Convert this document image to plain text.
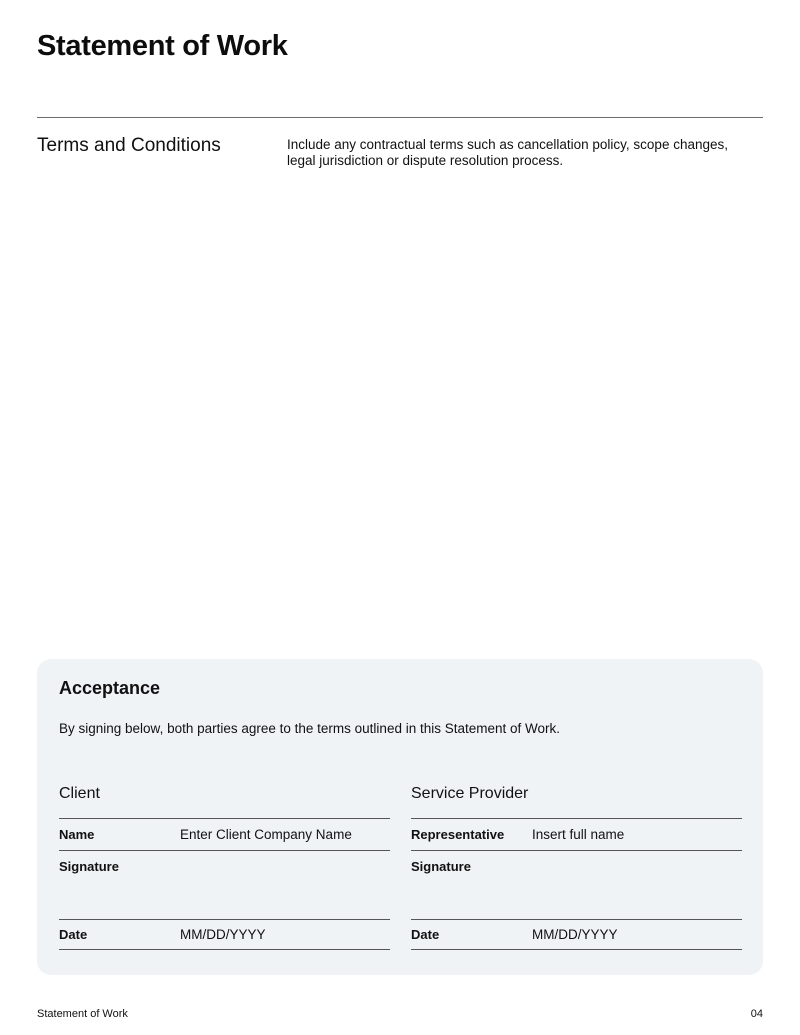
Statement of Work
Terms and Conditions	Include any contractual terms such as cancellation policy, scope changes, legal jurisdiction or dispute resolution process.

Acceptance

By signing below, both parties agree to the terms outlined in this Statement of Work.

Client
Name	Enter Client Company Name
Signature
Date	MM/DD/YYYY
Service Provider
Representative	Insert full name
Signature
Date	MM/DD/YYYY
Statement of Work	04
